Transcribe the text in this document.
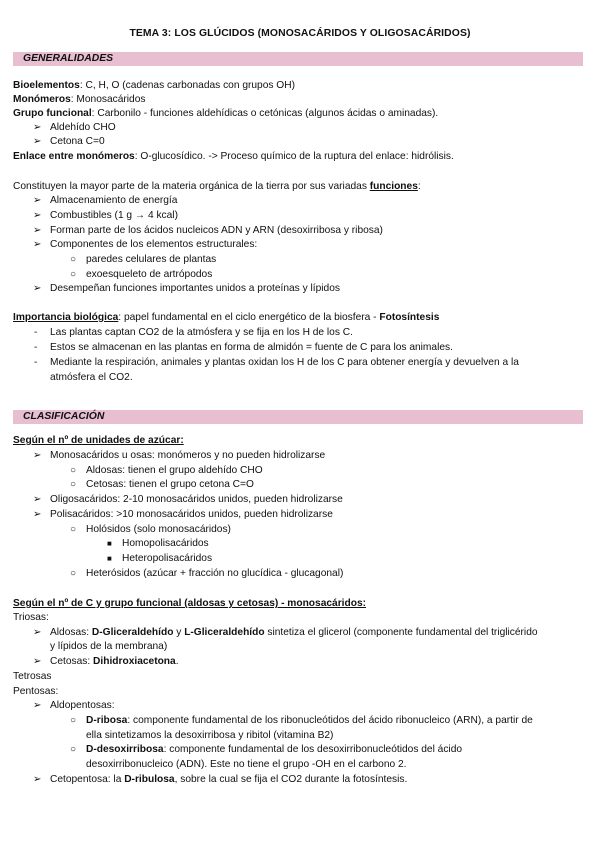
TEMA 3: LOS GLÚCIDOS (MONOSACÁRIDOS Y OLIGOSACÁRIDOS)
GENERALIDADES
Bioelementos: C, H, O (cadenas carbonadas con grupos OH)
Monómeros: Monosacáridos
Grupo funcional: Carbonilo - funciones aldehídicas o cetónicas (algunos ácidas o aminadas).
➢ Aldehído CHO
➢ Cetona C=0
Enlace entre monómeros: O-glucosídico. -> Proceso químico de la ruptura del enlace: hidrólisis.
Constituyen la mayor parte de la materia orgánica de la tierra por sus variadas funciones:
➢ Almacenamiento de energía
➢ Combustibles (1 g → 4 kcal)
➢ Forman parte de los ácidos nucleicos ADN y ARN (desoxirribosa y ribosa)
➢ Componentes de los elementos estructurales:
○ paredes celulares de plantas
○ exoesqueleto de artrópodos
➢ Desempeñan funciones importantes unidos a proteínas y lípidos
Importancia biológica: papel fundamental en el ciclo energético de la biosfera - Fotosíntesis
- Las plantas captan CO2 de la atmósfera y se fija en los H de los C.
- Estos se almacenan en las plantas en forma de almidón = fuente de C para los animales.
- Mediante la respiración, animales y plantas oxidan los H de los C para obtener energía y devuelven a la
atmósfera el CO2.
CLASIFICACIÓN
Según el nº de unidades de azúcar:
➢ Monosacáridos u osas: monómeros y no pueden hidrolizarse
○ Aldosas: tienen el grupo aldehído CHO
○ Cetosas: tienen el grupo cetona C=O
➢ Oligosacáridos: 2-10 monosacáridos unidos, pueden hidrolizarse
➢ Polisacáridos: >10 monosacáridos unidos, pueden hidrolizarse
○ Holósidos (solo monosacáridos)
■ Homopolisacáridos
■ Heteropolisacáridos
○ Heterósidos (azúcar + fracción no glucídica - glucagonal)
Según el nº de C y grupo funcional (aldosas y cetosas) - monosacáridos:
Triosas:
➢ Aldosas: D-Gliceraldehído y L-Gliceraldehído sintetiza el glicerol (componente fundamental del triglicérido
y lípidos de la membrana)
➢ Cetosas: Dihidroxiacetona.
Tetrosas
Pentosas:
➢ Aldopentosas:
○ D-ribosa: componente fundamental de los ribonucleótidos del ácido ribonucleico (ARN), a partir de
ella sintetizamos la desoxirribosa y ribitol (vitamina B2)
○ D-desoxirribosa: componente fundamental de los desoxirribonucleótidos del ácido
desoxirribonucleico (ADN). Este no tiene el grupo -OH en el carbono 2.
➢ Cetopentosa: la D-ribulosa, sobre la cual se fija el CO2 durante la fotosíntesis.
